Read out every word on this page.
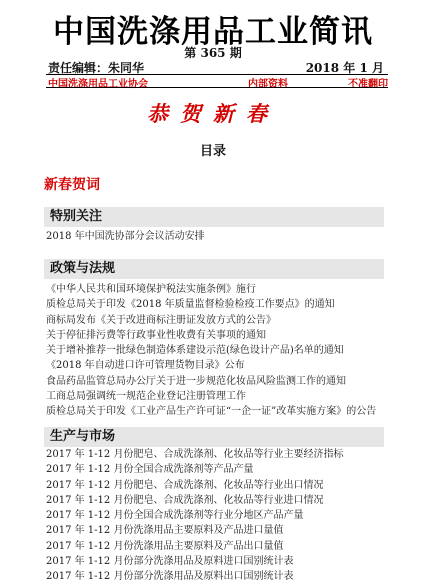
中国洗涤用品工业简讯
第 365 期
责任编辑：朱同华	2018 年 1 月
中国洗涤用品工业协会	内部资料	不准翻印
恭贺新春
目录
新春贺词
特别关注
2018 年中国洗协部分会议活动安排
政策与法规
《中华人民共和国环境保护税法实施条例》施行
质检总局关于印发《2018 年质量监督检验检疫工作要点》的通知
商标局发布《关于改进商标注册证发放方式的公告》
关于停征排污费等行政事业性收费有关事项的通知
关于增补推荐一批绿色制造体系建设示范(绿色设计产品)名单的通知
《2018 年自动进口许可管理货物目录》公布
食品药品监管总局办公厅关于进一步规范化妆品风险监测工作的通知
工商总局强调统一规范企业登记注册管理工作
质检总局关于印发《工业产品生产许可证“一企一证”改革实施方案》的公告
生产与市场
2017 年 1-12 月份肥皂、合成洗涤剂、化妆品等行业主要经济指标
2017 年 1-12 月份全国合成洗涤剂等产品产量
2017 年 1-12 月份肥皂、合成洗涤剂、化妆品等行业出口情况
2017 年 1-12 月份肥皂、合成洗涤剂、化妆品等行业进口情况
2017 年 1-12 月份全国合成洗涤剂等行业分地区产品产量
2017 年 1-12 月份洗涤用品主要原料及产品进口量值
2017 年 1-12 月份洗涤用品主要原料及产品出口量值
2017 年 1-12 月份部分洗涤用品及原料进口国别统计表
2017 年 1-12 月份部分洗涤用品及原料出口国别统计表
